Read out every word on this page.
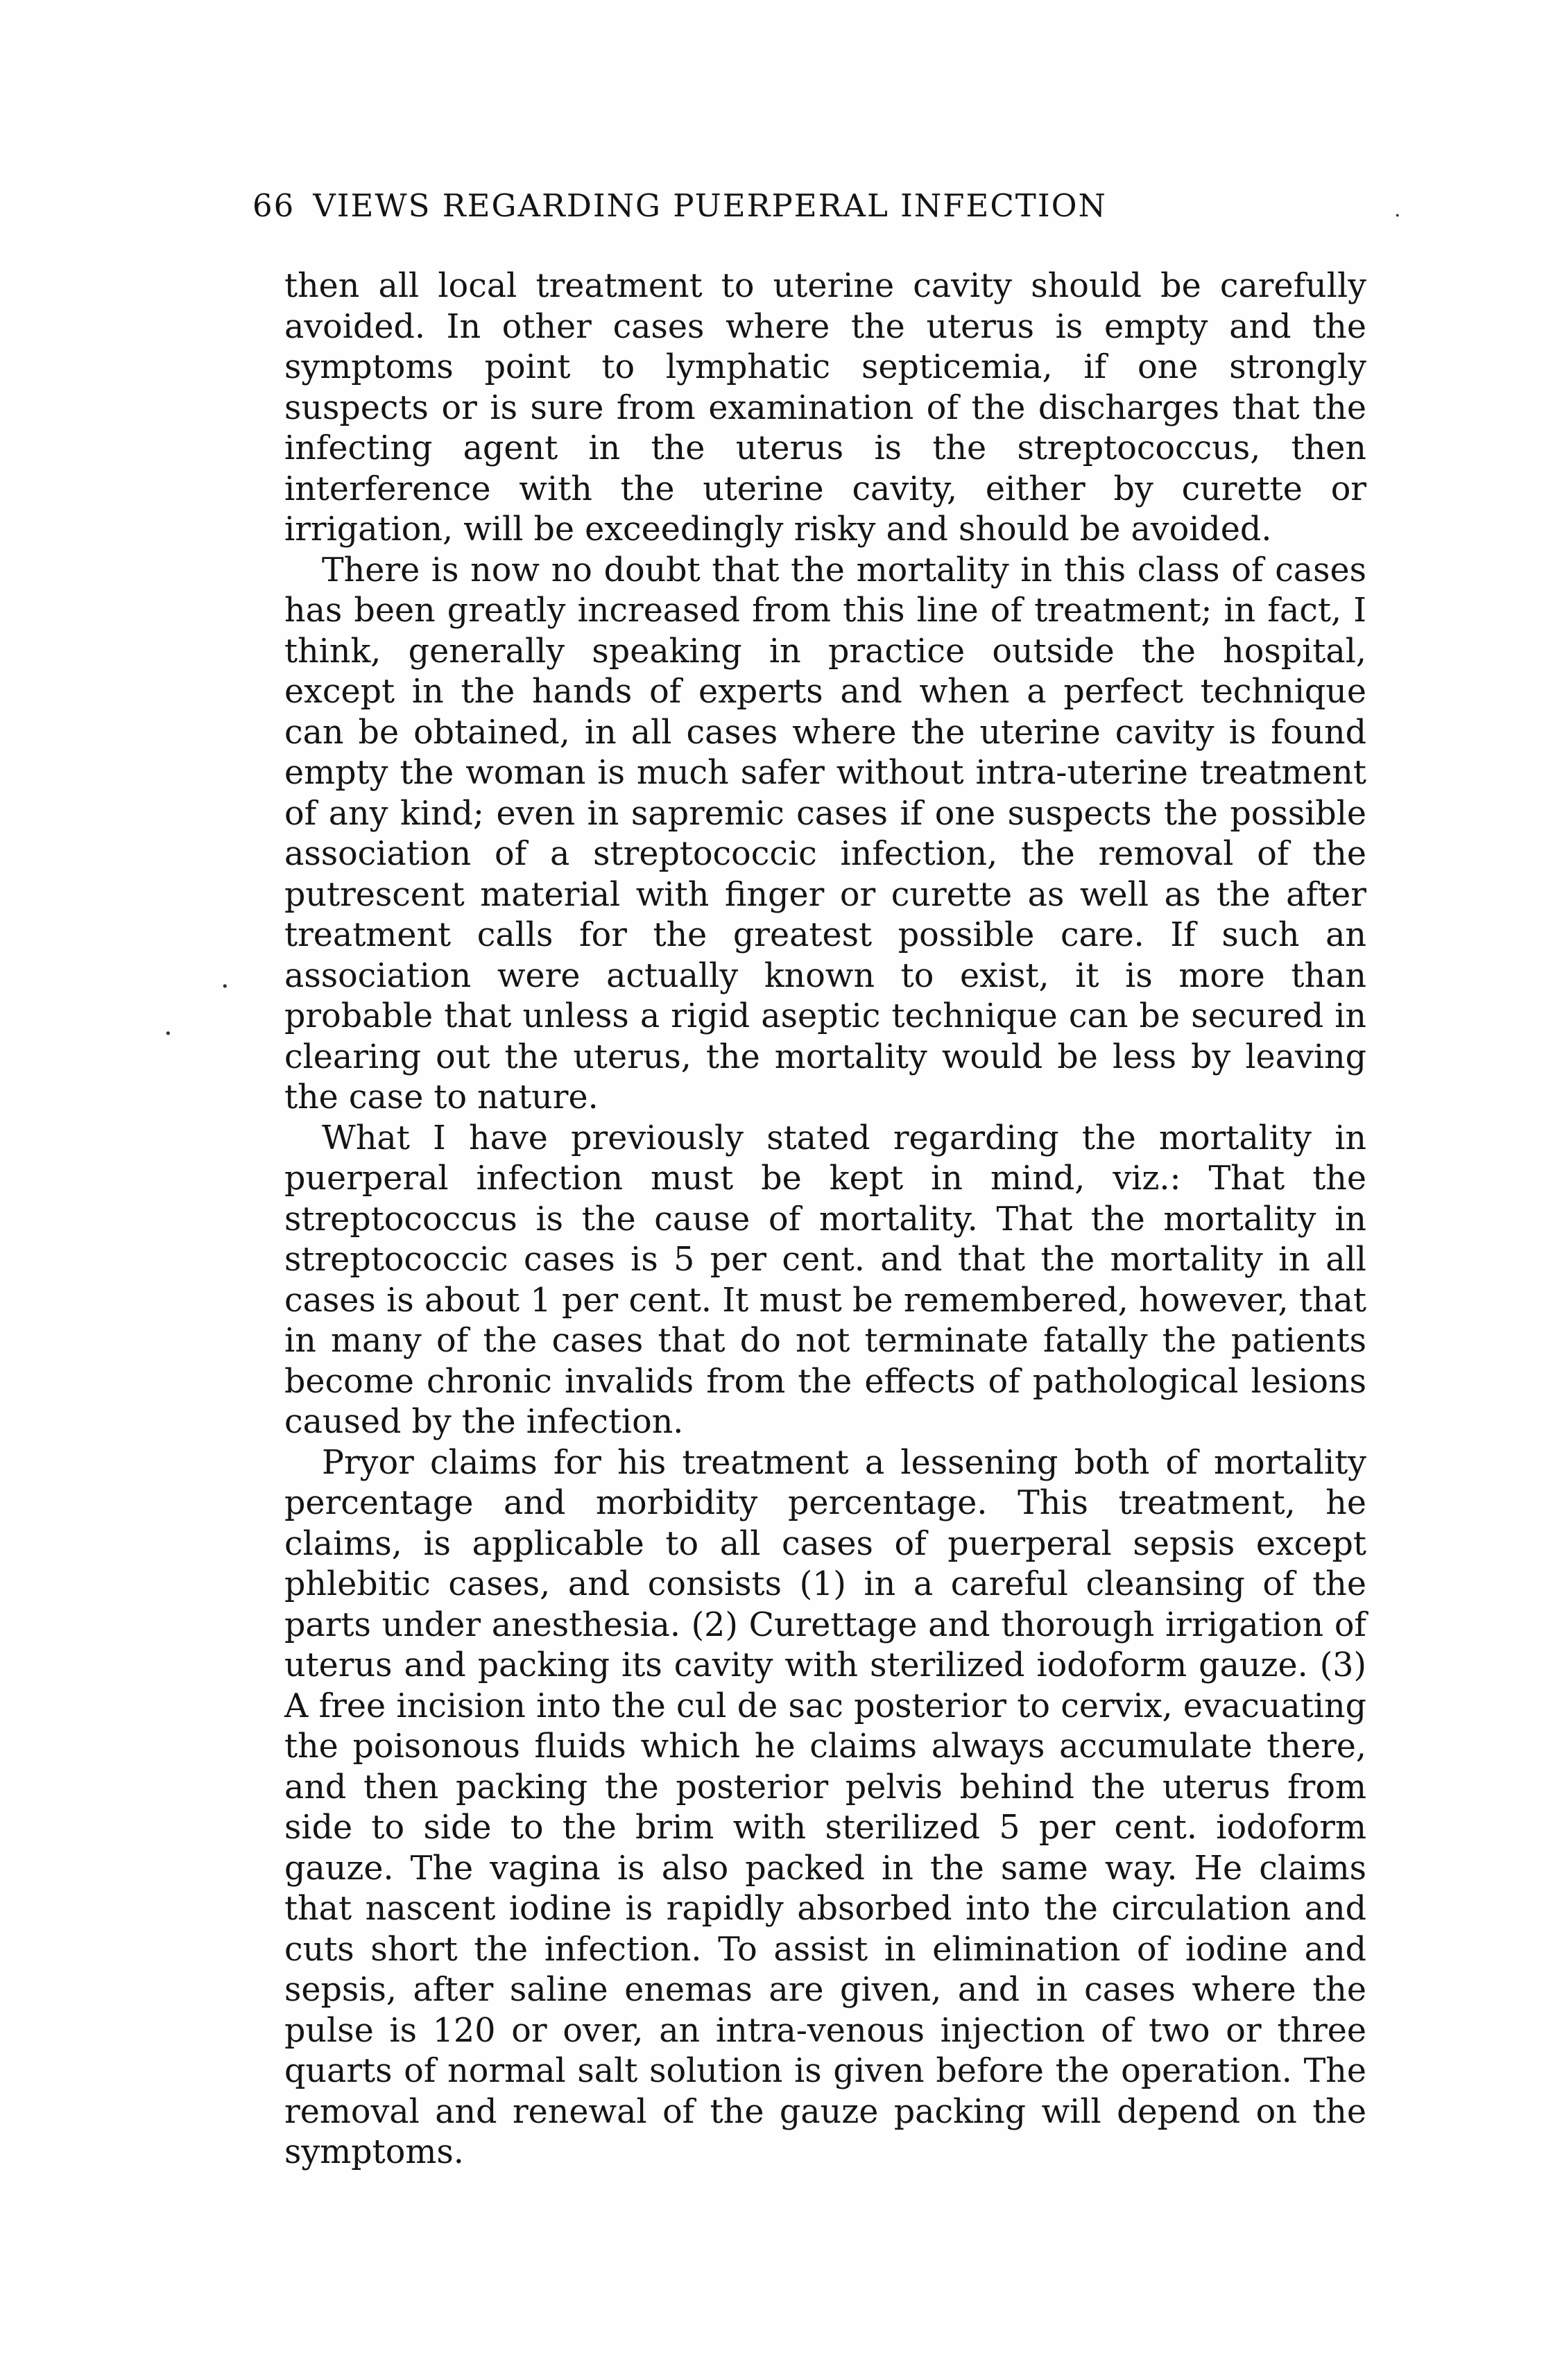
66 VIEWS REGARDING PUERPERAL INFECTION

then all local treatment to uterine cavity should be carefully avoided. In other cases where the uterus is empty and the symptoms point to lymphatic septicemia, if one strongly suspects or is sure from examination of the discharges that the infecting agent in the uterus is the streptococcus, then interference with the uterine cavity, either by curette or irrigation, will be exceedingly risky and should be avoided.

There is now no doubt that the mortality in this class of cases has been greatly increased from this line of treatment; in fact, I think, generally speaking in practice outside the hospital, except in the hands of experts and when a perfect technique can be obtained, in all cases where the uterine cavity is found empty the woman is much safer without intra-uterine treatment of any kind; even in sapremic cases if one suspects the possible association of a streptococcic infection, the removal of the putrescent material with finger or curette as well as the after treatment calls for the greatest possible care. If such an association were actually known to exist, it is more than probable that unless a rigid aseptic technique can be secured in clearing out the uterus, the mortality would be less by leaving the case to nature.

What I have previously stated regarding the mortality in puerperal infection must be kept in mind, viz.: That the streptococcus is the cause of mortality. That the mortality in streptococcic cases is 5 per cent. and that the mortality in all cases is about 1 per cent. It must be remembered, however, that in many of the cases that do not terminate fatally the patients become chronic invalids from the effects of pathological lesions caused by the infection.

Pryor claims for his treatment a lessening both of mortality percentage and morbidity percentage. This treatment, he claims, is applicable to all cases of puerperal sepsis except phlebitic cases, and consists (1) in a careful cleansing of the parts under anesthesia. (2) Curettage and thorough irrigation of uterus and packing its cavity with sterilized iodoform gauze. (3) A free incision into the cul de sac posterior to cervix, evacuating the poisonous fluids which he claims always accumulate there, and then packing the posterior pelvis behind the uterus from side to side to the brim with sterilized 5 per cent. iodoform gauze. The vagina is also packed in the same way. He claims that nascent iodine is rapidly absorbed into the circulation and cuts short the infection. To assist in elimination of iodine and sepsis, after saline enemas are given, and in cases where the pulse is 120 or over, an intra-venous injection of two or three quarts of normal salt solution is given before the operation. The removal and renewal of the gauze packing will depend on the symptoms.

·
·
·
